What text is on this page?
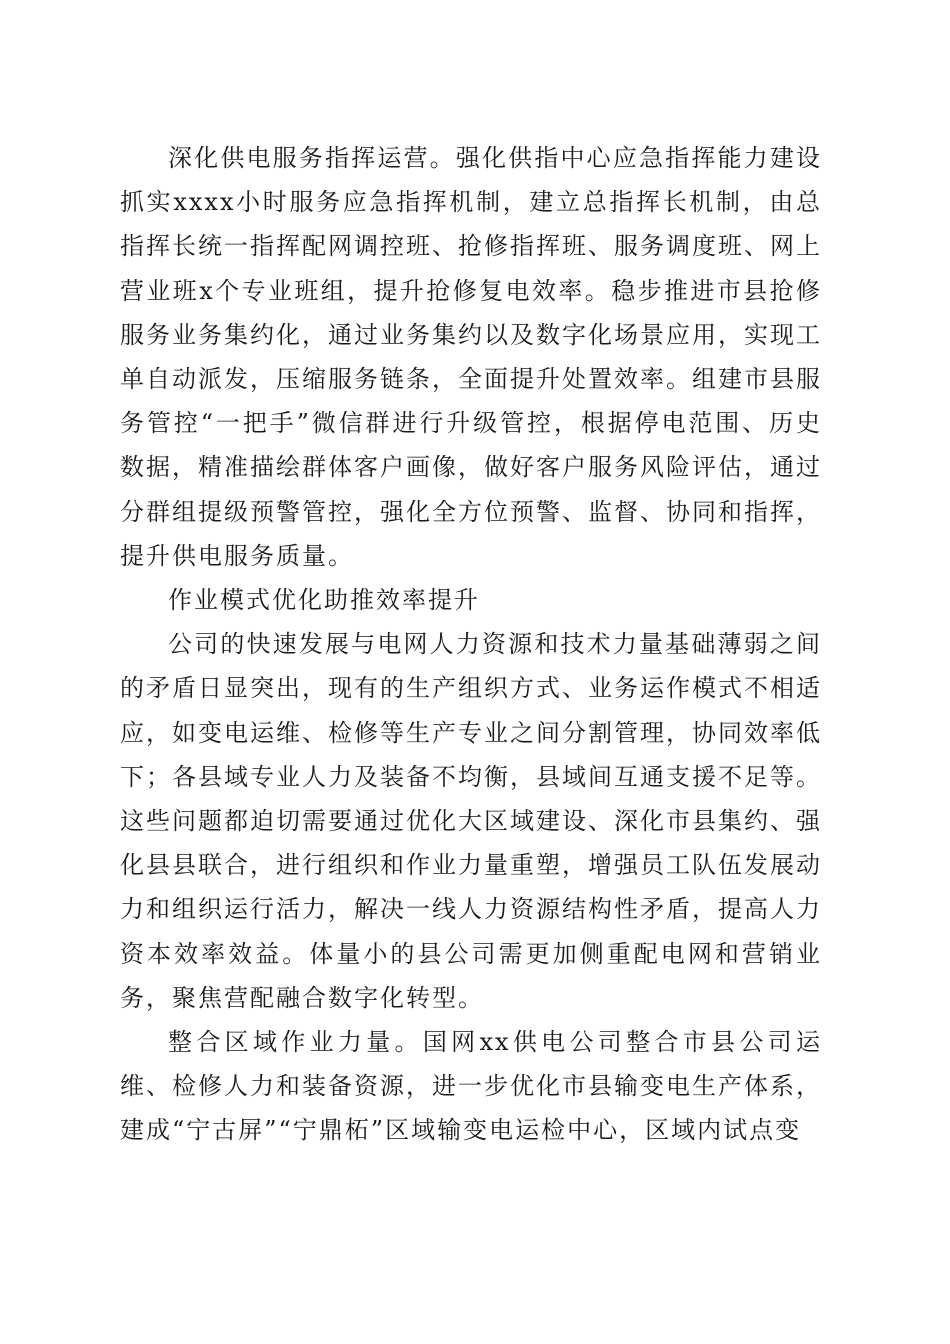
深化供电服务指挥运营。强化供指中心应急指挥能力建设抓实xxxx小时服务应急指挥机制，建立总指挥长机制，由总指挥长统一指挥配网调控班、抢修指挥班、服务调度班、网上营业班x个专业班组，提升抢修复电效率。稳步推进市县抢修服务业务集约化，通过业务集约以及数字化场景应用，实现工单自动派发，压缩服务链条，全面提升处置效率。组建市县服务管控“一把手”微信群进行升级管控，根据停电范围、历史数据，精准描绘群体客户画像，做好客户服务风险评估，通过分群组提级预警管控，强化全方位预警、监督、协同和指挥，提升供电服务质量。

作业模式优化助推效率提升

公司的快速发展与电网人力资源和技术力量基础薄弱之间的矛盾日显突出，现有的生产组织方式、业务运作模式不相适应，如变电运维、检修等生产专业之间分割管理，协同效率低下；各县域专业人力及装备不均衡，县域间互通支援不足等。这些问题都迫切需要通过优化大区域建设、深化市县集约、强化县县联合，进行组织和作业力量重塑，增强员工队伍发展动力和组织运行活力，解决一线人力资源结构性矛盾，提高人力资本效率效益。体量小的县公司需更加侧重配电网和营销业务，聚焦营配融合数字化转型。

整合区域作业力量。国网xx供电公司整合市县公司运维、检修人力和装备资源，进一步优化市县输变电生产体系，建成“宁古屏”“宁鼎柘”区域输变电运检中心，区域内试点变
